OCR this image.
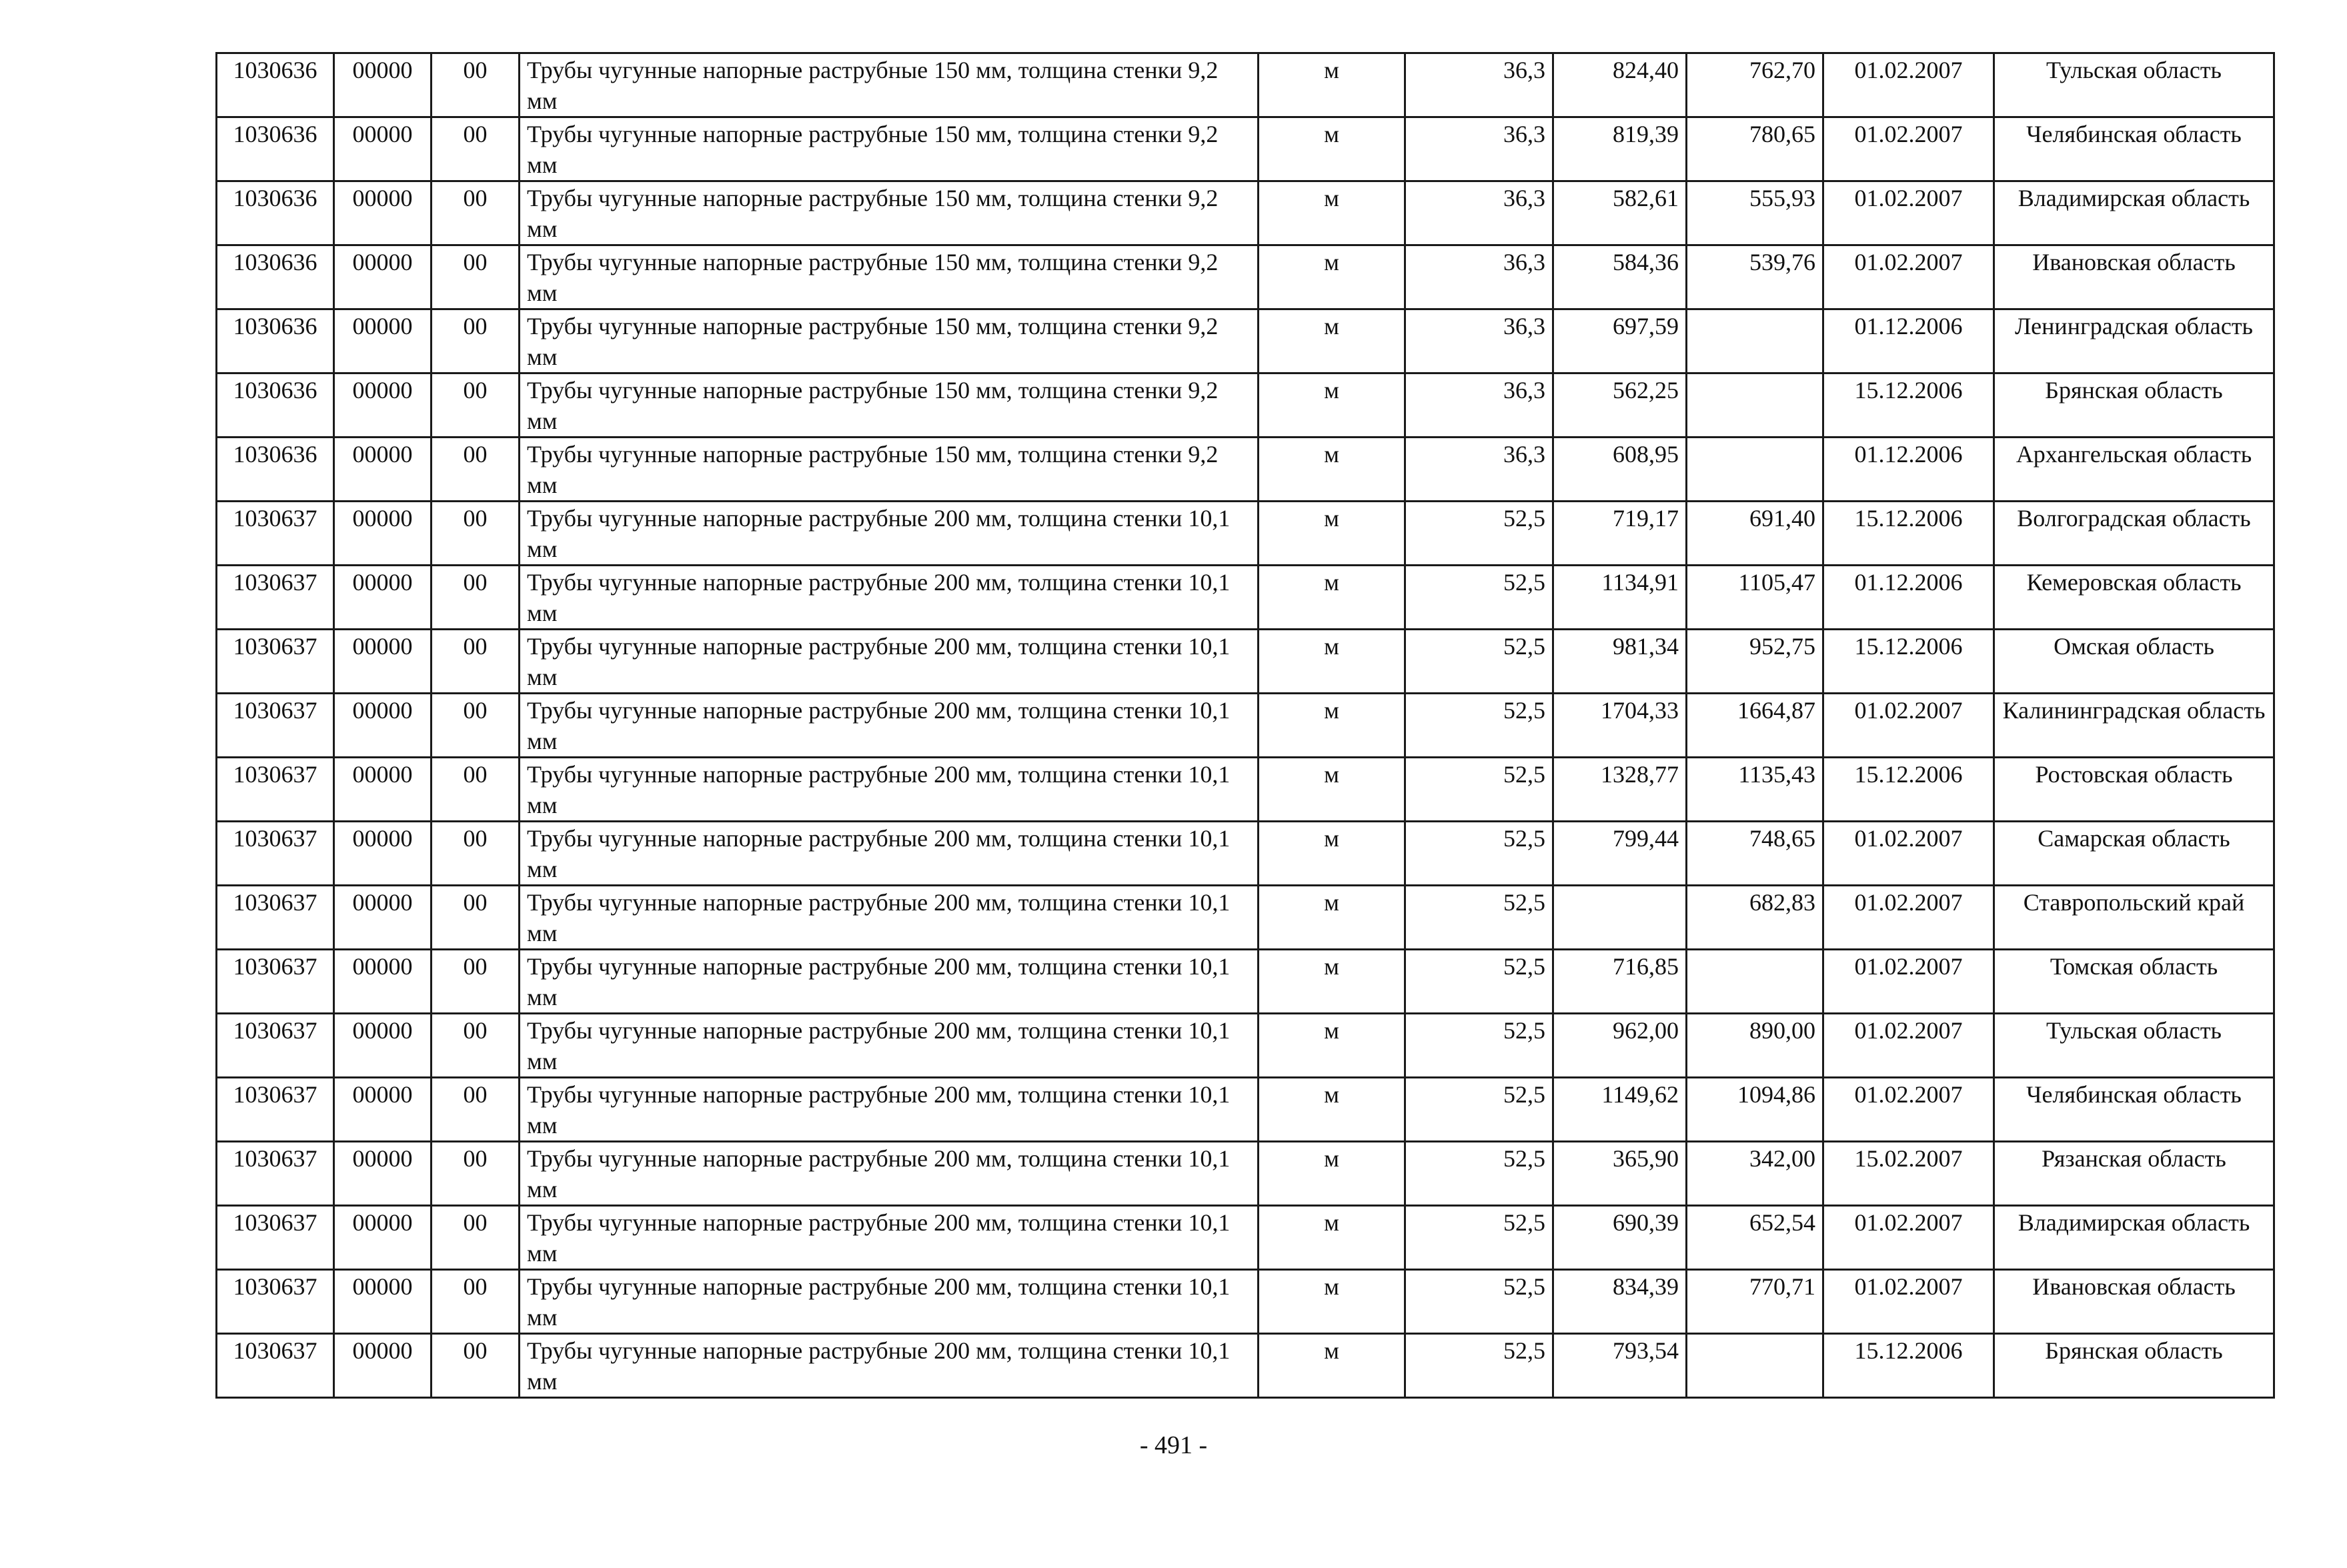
1030636	00000	00	Трубы чугунные напорные раструбные 150 мм, толщина стенки 9,2 мм	м	36,3	824,40	762,70	01.02.2007	Тульская область
1030636	00000	00	Трубы чугунные напорные раструбные 150 мм, толщина стенки 9,2 мм	м	36,3	819,39	780,65	01.02.2007	Челябинская область
1030636	00000	00	Трубы чугунные напорные раструбные 150 мм, толщина стенки 9,2 мм	м	36,3	582,61	555,93	01.02.2007	Владимирская область
1030636	00000	00	Трубы чугунные напорные раструбные 150 мм, толщина стенки 9,2 мм	м	36,3	584,36	539,76	01.02.2007	Ивановская область
1030636	00000	00	Трубы чугунные напорные раструбные 150 мм, толщина стенки 9,2 мм	м	36,3	697,59		01.12.2006	Ленинградская область
1030636	00000	00	Трубы чугунные напорные раструбные 150 мм, толщина стенки 9,2 мм	м	36,3	562,25		15.12.2006	Брянская область
1030636	00000	00	Трубы чугунные напорные раструбные 150 мм, толщина стенки 9,2 мм	м	36,3	608,95		01.12.2006	Архангельская область
1030637	00000	00	Трубы чугунные напорные раструбные 200 мм, толщина стенки 10,1 мм	м	52,5	719,17	691,40	15.12.2006	Волгоградская область
1030637	00000	00	Трубы чугунные напорные раструбные 200 мм, толщина стенки 10,1 мм	м	52,5	1134,91	1105,47	01.12.2006	Кемеровская область
1030637	00000	00	Трубы чугунные напорные раструбные 200 мм, толщина стенки 10,1 мм	м	52,5	981,34	952,75	15.12.2006	Омская область
1030637	00000	00	Трубы чугунные напорные раструбные 200 мм, толщина стенки 10,1 мм	м	52,5	1704,33	1664,87	01.02.2007	Калининградская область
1030637	00000	00	Трубы чугунные напорные раструбные 200 мм, толщина стенки 10,1 мм	м	52,5	1328,77	1135,43	15.12.2006	Ростовская область
1030637	00000	00	Трубы чугунные напорные раструбные 200 мм, толщина стенки 10,1 мм	м	52,5	799,44	748,65	01.02.2007	Самарская область
1030637	00000	00	Трубы чугунные напорные раструбные 200 мм, толщина стенки 10,1 мм	м	52,5		682,83	01.02.2007	Ставропольский край
1030637	00000	00	Трубы чугунные напорные раструбные 200 мм, толщина стенки 10,1 мм	м	52,5	716,85		01.02.2007	Томская область
1030637	00000	00	Трубы чугунные напорные раструбные 200 мм, толщина стенки 10,1 мм	м	52,5	962,00	890,00	01.02.2007	Тульская область
1030637	00000	00	Трубы чугунные напорные раструбные 200 мм, толщина стенки 10,1 мм	м	52,5	1149,62	1094,86	01.02.2007	Челябинская область
1030637	00000	00	Трубы чугунные напорные раструбные 200 мм, толщина стенки 10,1 мм	м	52,5	365,90	342,00	15.02.2007	Рязанская область
1030637	00000	00	Трубы чугунные напорные раструбные 200 мм, толщина стенки 10,1 мм	м	52,5	690,39	652,54	01.02.2007	Владимирская область
1030637	00000	00	Трубы чугунные напорные раструбные 200 мм, толщина стенки 10,1 мм	м	52,5	834,39	770,71	01.02.2007	Ивановская область
1030637	00000	00	Трубы чугунные напорные раструбные 200 мм, толщина стенки 10,1 мм	м	52,5	793,54		15.12.2006	Брянская область
- 491 -
